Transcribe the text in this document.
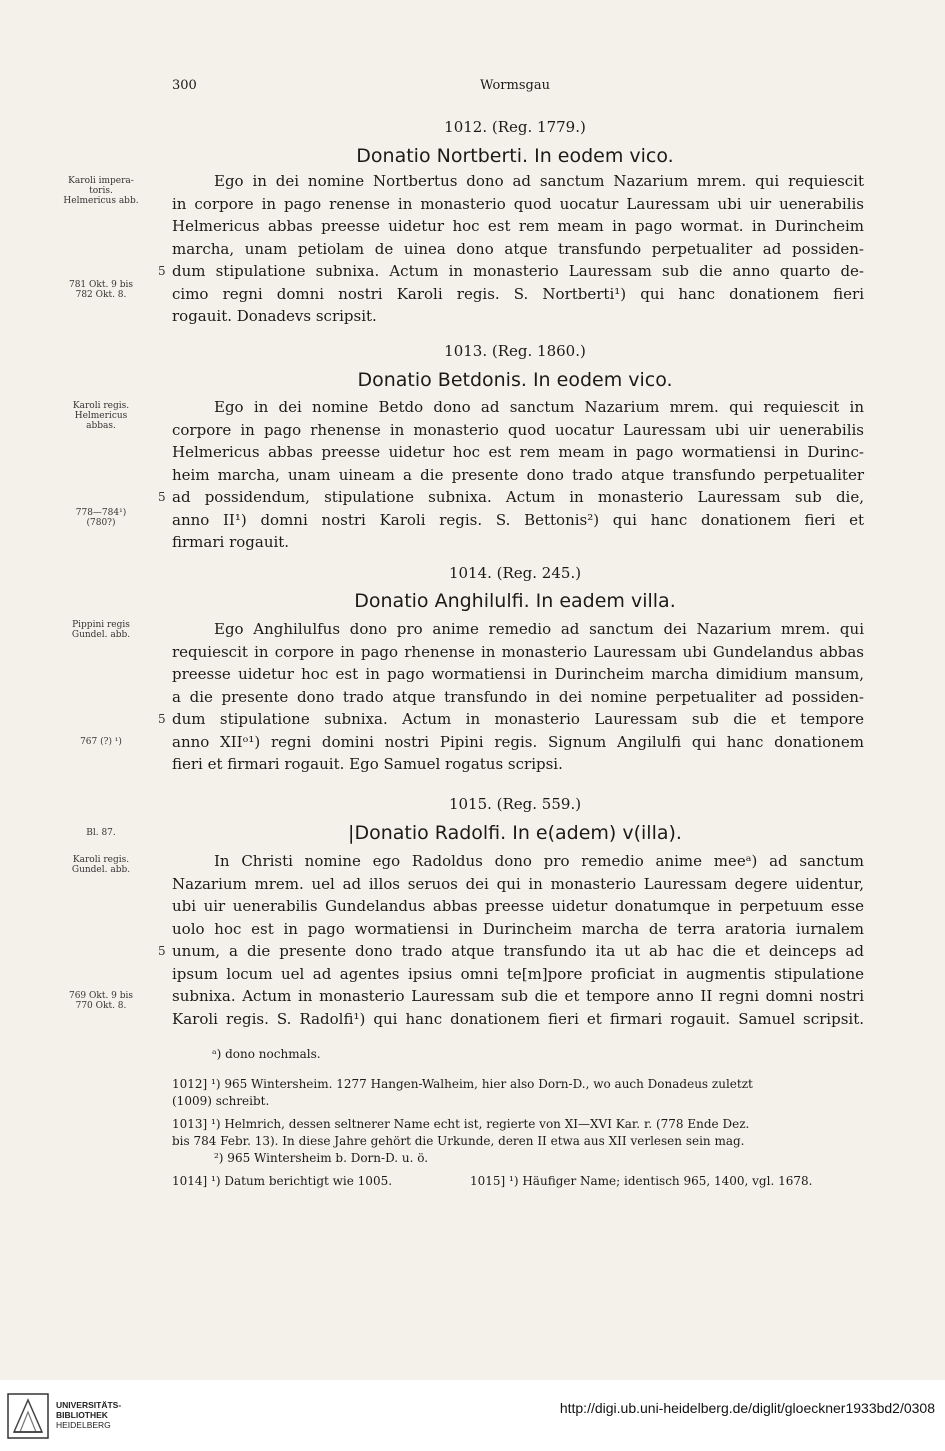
300	Wormsgau
1012. (Reg. 1779.)
Donatio Nortberti. In eodem vico.
Karoli impera-
toris.
Helmericus abb.
781 Okt. 9 bis
782 Okt. 8.
Ego in dei nomine Nortbertus dono ad sanctum Nazarium mrem. qui requiescit
in corpore in pago renense in monasterio quod uocatur Lauressam ubi uir uenerabilis
Helmericus abbas preesse uidetur hoc est rem meam in pago wormat. in Durincheim
marcha, unam petiolam de uinea dono atque transfundo perpetualiter ad possiden-
dum stipulatione subnixa. Actum in monasterio Lauressam sub die anno quarto de-
cimo regni domni nostri Karoli regis. S. Nortberti¹) qui hanc donationem fieri
rogauit. Donadevs scripsit.
5
1013. (Reg. 1860.)
Donatio Betdonis. In eodem vico.
Karoli regis.
Helmericus
abbas.
778—784¹)
(780?)
Ego in dei nomine Betdo dono ad sanctum Nazarium mrem. qui requiescit in
corpore in pago rhenense in monasterio quod uocatur Lauressam ubi uir uenerabilis
Helmericus abbas preesse uidetur hoc est rem meam in pago wormatiensi in Durinc-
heim marcha, unam uineam a die presente dono trado atque transfundo perpetualiter
ad possidendum, stipulatione subnixa. Actum in monasterio Lauressam sub die,
anno II¹) domni nostri Karoli regis. S. Bettonis²) qui hanc donationem fieri et
firmari rogauit.
5
1014. (Reg. 245.)
Donatio Anghilulfi. In eadem villa.
Pippini regis
Gundel. abb.
767 (?) ¹)
Ego Anghilulfus dono pro anime remedio ad sanctum dei Nazarium mrem. qui
requiescit in corpore in pago rhenense in monasterio Lauressam ubi Gundelandus abbas
preesse uidetur hoc est in pago wormatiensi in Durincheim marcha dimidium mansum,
a die presente dono trado atque transfundo in dei nomine perpetualiter ad possiden-
dum stipulatione subnixa. Actum in monasterio Lauressam sub die et tempore
anno XIIᵒ¹) regni domini nostri Pipini regis. Signum Angilulfi qui hanc donationem
fieri et firmari rogauit. Ego Samuel rogatus scripsi.
5
1015. (Reg. 559.)
Bl. 87.	|Donatio Radolfi. In e(adem) v(illa).
Karoli regis.
Gundel. abb.
769 Okt. 9 bis
770 Okt. 8.
In Christi nomine ego Radoldus dono pro remedio anime meeᵃ) ad sanctum
Nazarium mrem. uel ad illos seruos dei qui in monasterio Lauressam degere uidentur,
ubi uir uenerabilis Gundelandus abbas preesse uidetur donatumque in perpetuum esse
uolo hoc est in pago wormatiensi in Durincheim marcha de terra aratoria iurnalem
unum, a die presente dono trado atque transfundo ita ut ab hac die et deinceps ad
ipsum locum uel ad agentes ipsius omni te[m]pore proficiat in augmentis stipulatione
subnixa. Actum in monasterio Lauressam sub die et tempore anno II regni domni nostri
Karoli regis. S. Radolfi¹) qui hanc donationem fieri et firmari rogauit. Samuel scripsit.
5
ᵃ) dono nochmals.
1012] ¹) 965 Wintersheim. 1277 Hangen-Walheim, hier also Dorn-D., wo auch Donadeus zuletzt
(1009) schreibt.
1013] ¹) Helmrich, dessen seltnerer Name echt ist, regierte von XI—XVI Kar. r. (778 Ende Dez.
bis 784 Febr. 13). In diese Jahre gehört die Urkunde, deren II etwa aus XII verlesen sein mag.
²) 965 Wintersheim b. Dorn-D. u. ö.
1014] ¹) Datum berichtigt wie 1005.	1015] ¹) Häufiger Name; identisch 965, 1400, vgl. 1678.
UNIVERSITÄTS-
BIBLIOTHEK
HEIDELBERG
http://digi.ub.uni-heidelberg.de/diglit/gloeckner1933bd2/0308
